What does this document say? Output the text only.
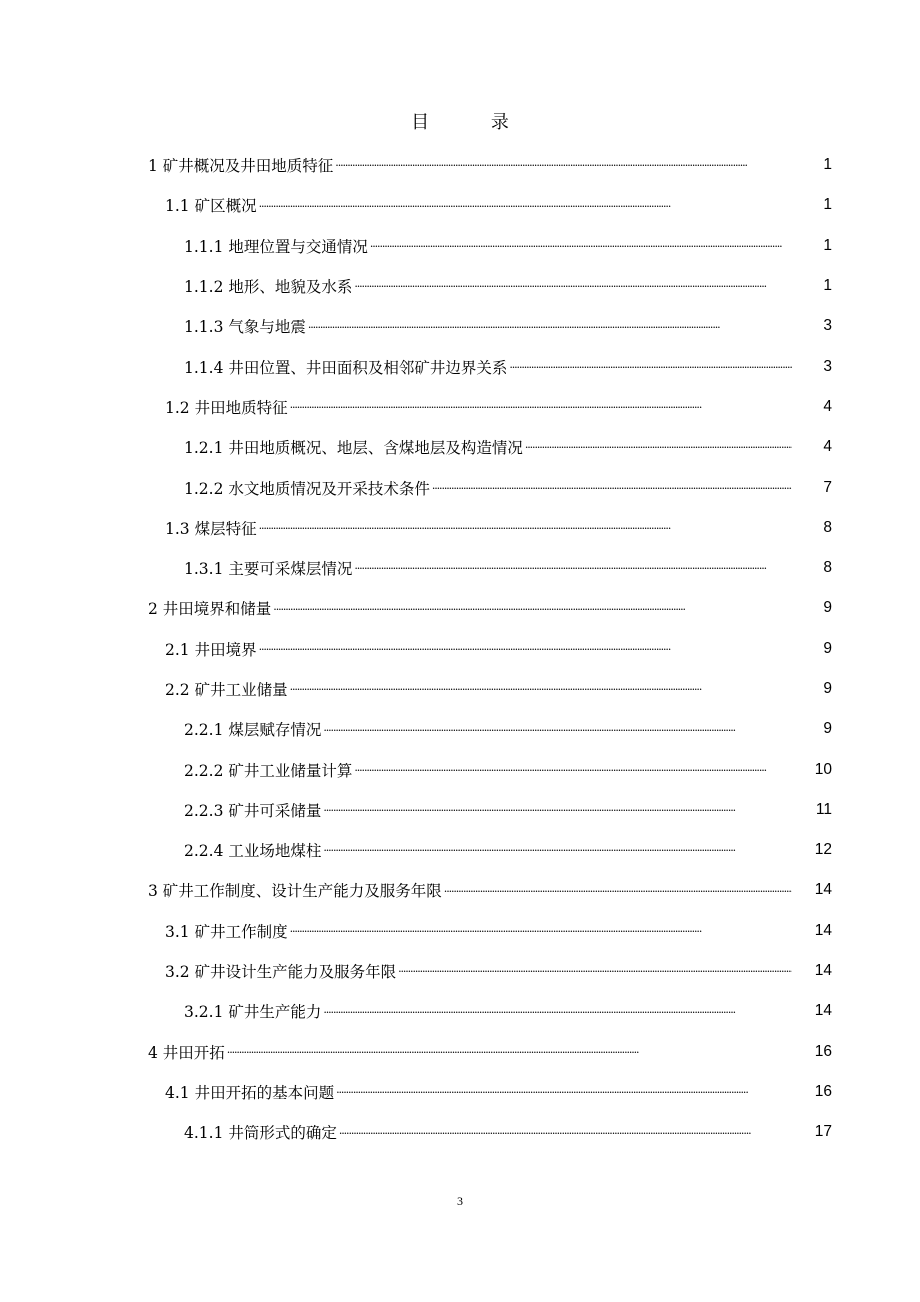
目 录
1 矿井概况及井田地质特征 . . .	1
1.1 矿区概况 . . .	1
1.1.1 地理位置与交通情况 . . .	1
1.1.2 地形、地貌及水系 . . .	1
1.1.3 气象与地震 . . .	3
1.1.4 井田位置、井田面积及相邻矿井边界关系 . . .	3
1.2 井田地质特征 . . .	4
1.2.1 井田地质概况、地层、含煤地层及构造情况 . . .	4
1.2.2 水文地质情况及开采技术条件 . . .	7
1.3 煤层特征 . . .	8
1.3.1 主要可采煤层情况 . . .	8
2 井田境界和储量 . . .	9
2.1 井田境界 . . .	9
2.2 矿井工业储量 . . .	9
2.2.1 煤层赋存情况 . . .	9
2.2.2 矿井工业储量计算 . . .	10
2.2.3 矿井可采储量 . . .	11
2.2.4 工业场地煤柱 . . .	12
3 矿井工作制度、设计生产能力及服务年限 . . .	14
3.1 矿井工作制度 . . .	14
3.2 矿井设计生产能力及服务年限 . . .	14
3.2.1 矿井生产能力 . . .	14
4 井田开拓 . . .	16
4.1 井田开拓的基本问题 . . .	16
4.1.1 井筒形式的确定 . . .	17
3
